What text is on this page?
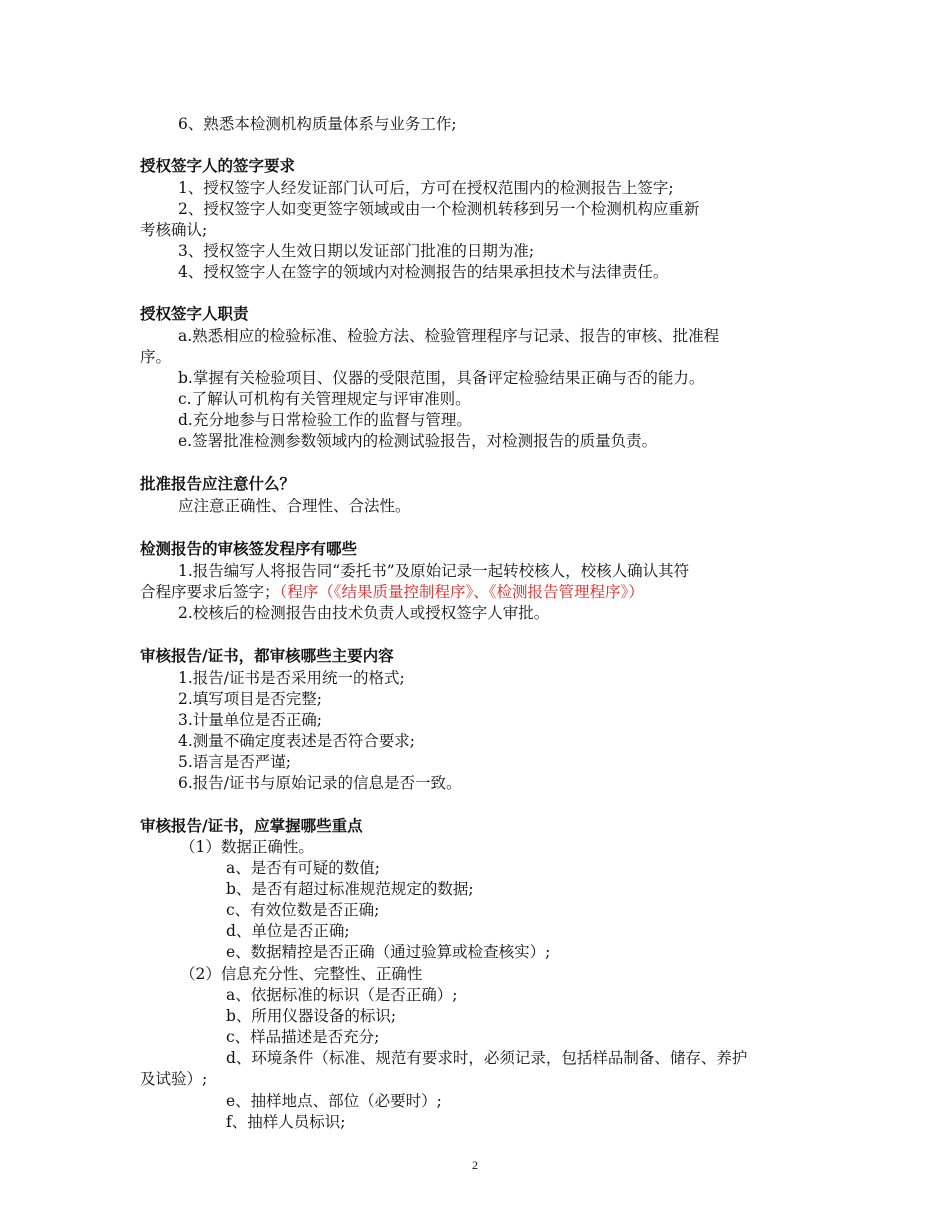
6、熟悉本检测机构质量体系与业务工作;
授权签字人的签字要求
1、授权签字人经发证部门认可后，方可在授权范围内的检测报告上签字;
2、授权签字人如变更签字领域或由一个检测机转移到另一个检测机构应重新
考核确认;
3、授权签字人生效日期以发证部门批准的日期为准;
4、授权签字人在签字的领域内对检测报告的结果承担技术与法律责任。
授权签字人职责
a.熟悉相应的检验标准、检验方法、检验管理程序与记录、报告的审核、批准程
序。
b.掌握有关检验项目、仪器的受限范围，具备评定检验结果正确与否的能力。
c.了解认可机构有关管理规定与评审准则。
d.充分地参与日常检验工作的监督与管理。
e.签署批准检测参数领域内的检测试验报告，对检测报告的质量负责。
批准报告应注意什么？
应注意正确性、合理性、合法性。
检测报告的审核签发程序有哪些
1.报告编写人将报告同“委托书”及原始记录一起转校核人，校核人确认其符
合程序要求后签字；（程序（《结果质量控制程序》、《检测报告管理程序》）
2.校核后的检测报告由技术负责人或授权签字人审批。
审核报告/证书，都审核哪些主要内容
1.报告/证书是否采用统一的格式;
2.填写项目是否完整;
3.计量单位是否正确;
4.测量不确定度表述是否符合要求;
5.语言是否严谨;
6.报告/证书与原始记录的信息是否一致。
审核报告/证书，应掌握哪些重点
（1）数据正确性。
a、是否有可疑的数值;
b、是否有超过标准规范规定的数据;
c、有效位数是否正确;
d、单位是否正确;
e、数据精控是否正确（通过验算或检查核实）;
（2）信息充分性、完整性、正确性
a、依据标准的标识（是否正确）;
b、所用仪器设备的标识;
c、样品描述是否充分;
d、环境条件（标准、规范有要求时，必须记录，包括样品制备、储存、养护
及试验）;
e、抽样地点、部位（必要时）;
f、抽样人员标识;
2
